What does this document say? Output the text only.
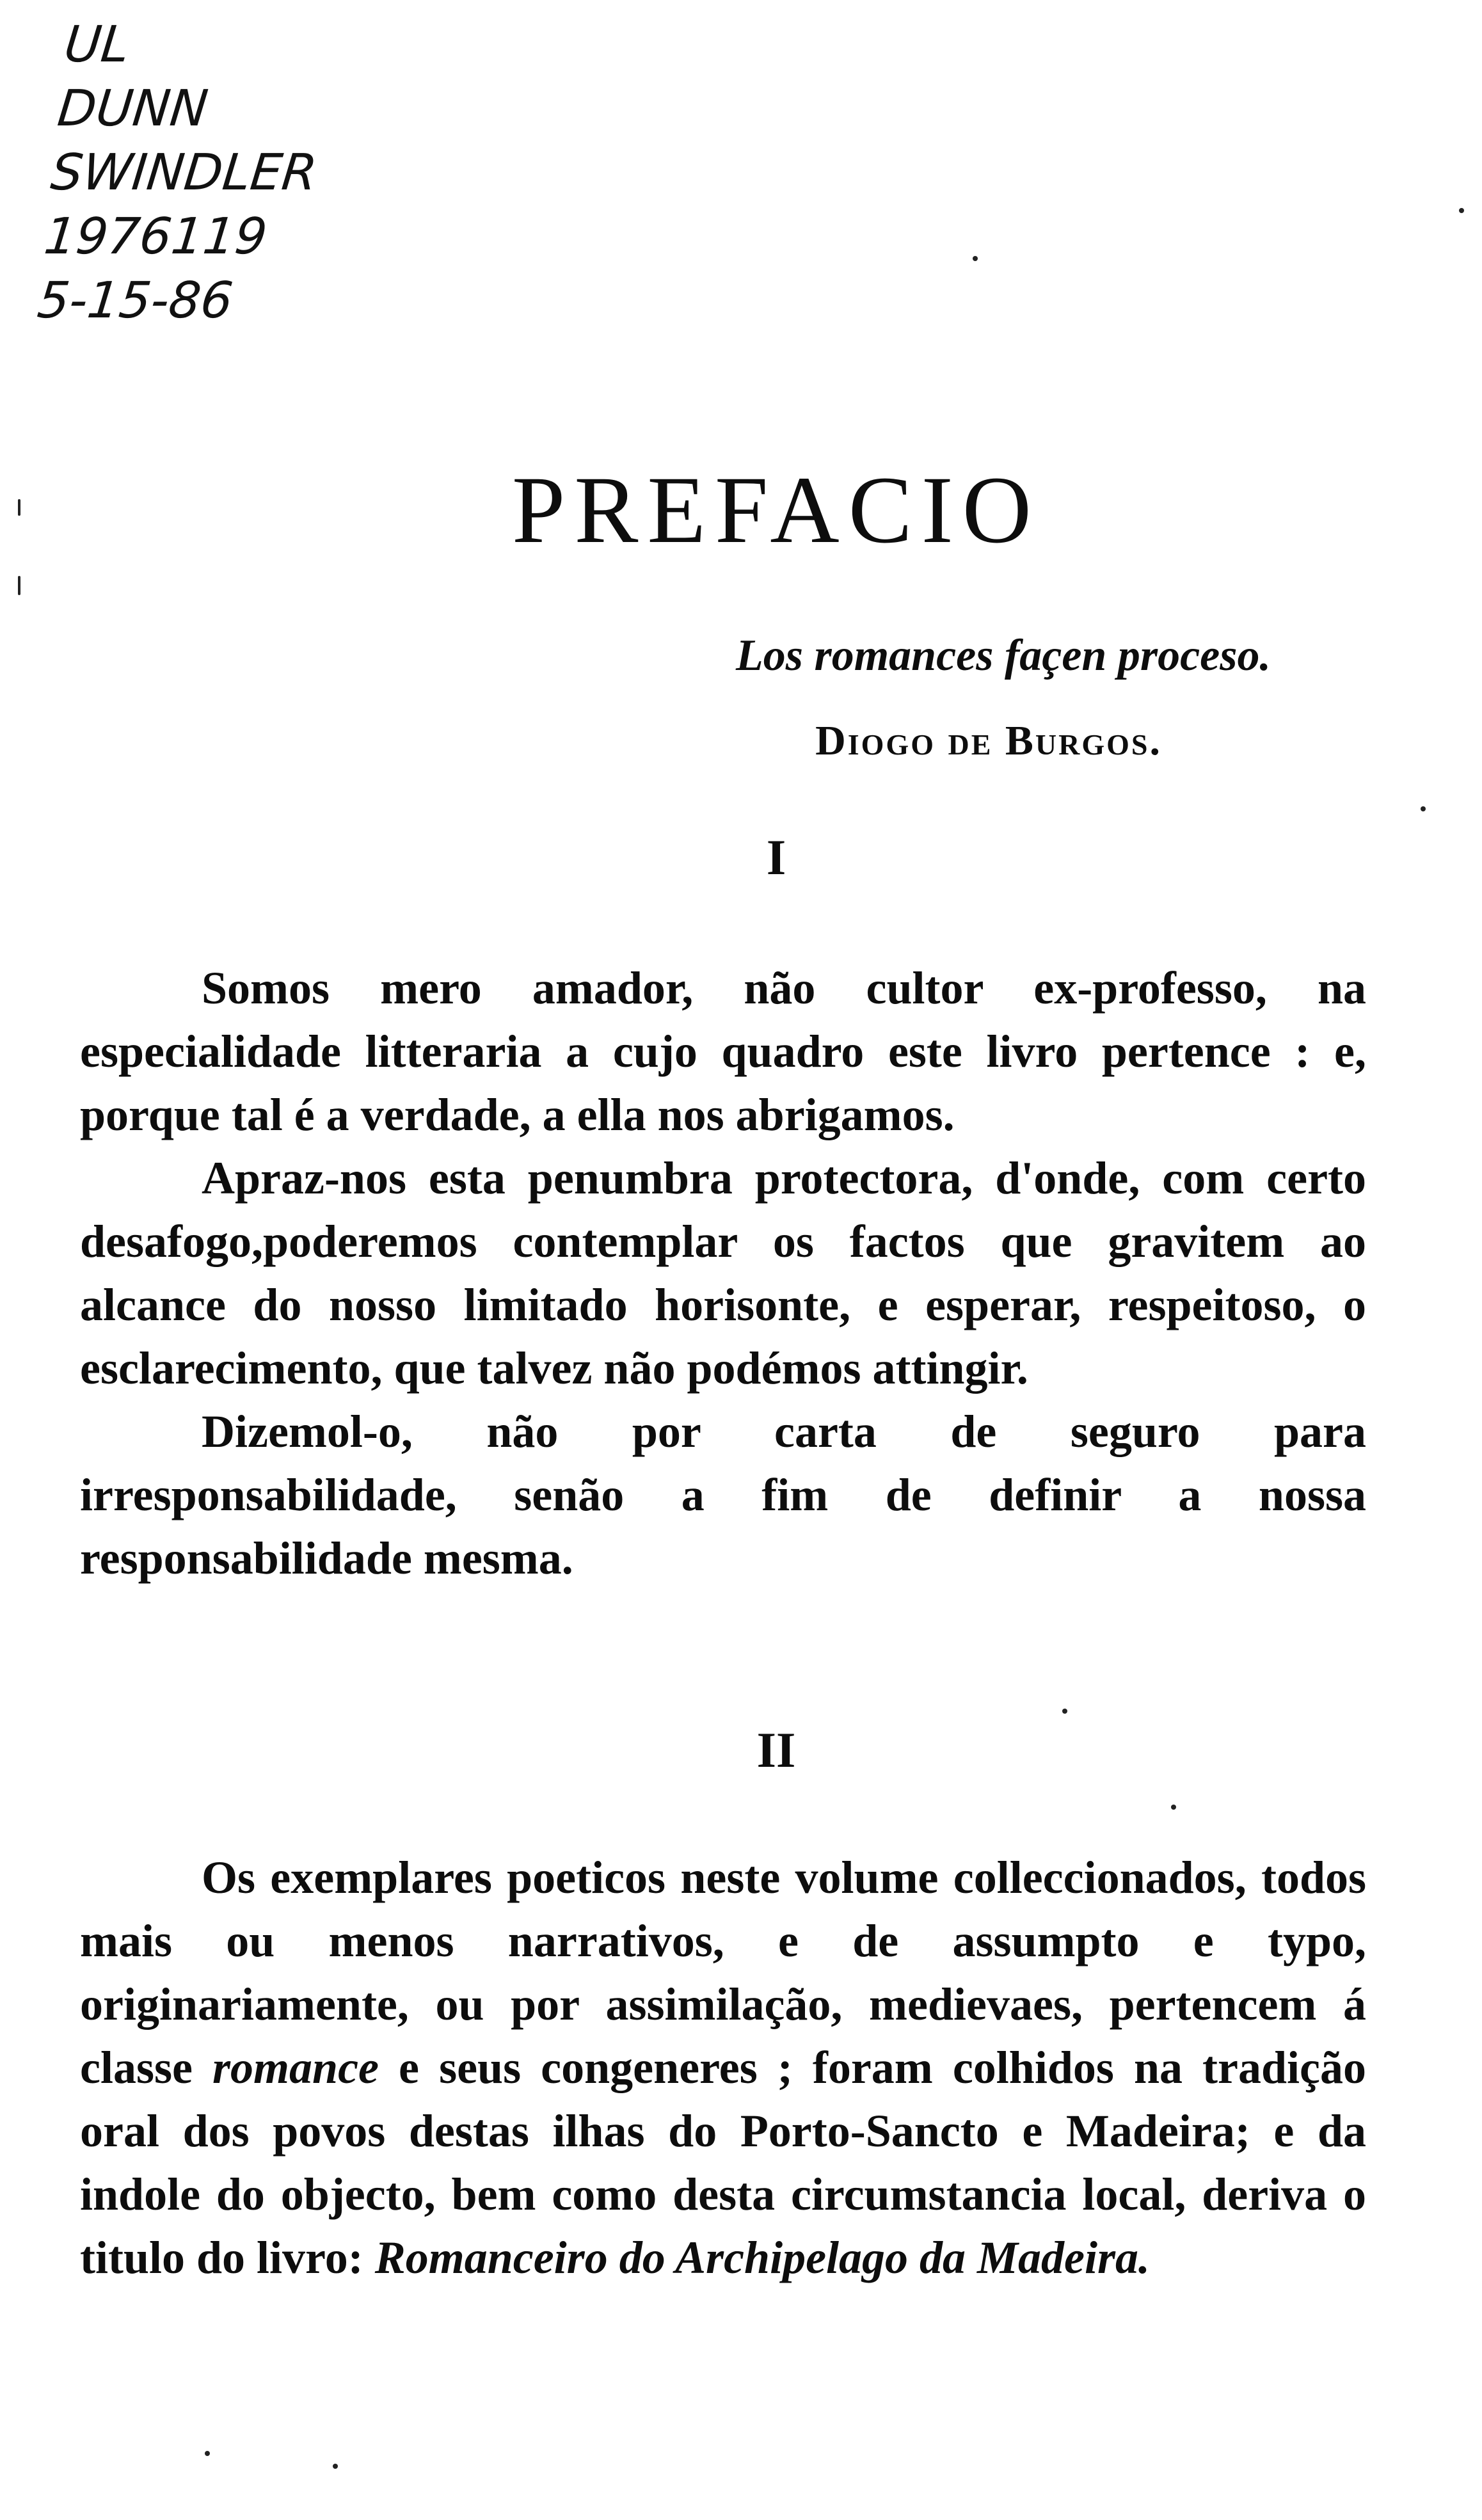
UL
DUNN
SWINDLER
1976119
5-15-86
PREFACIO
Los romances façen proceso.
Diogo de Burgos.
I

Somos mero amador, não cultor ex-professo, na especialidade litteraria a cujo quadro este livro pertence : e, porque tal é a verdade, a ella nos abrigamos.

Apraz-nos esta penumbra protectora, d'onde, com certo desafogo,poderemos contemplar os factos que gravitem ao alcance do nosso limitado horisonte, e esperar, respeitoso, o esclarecimento, que talvez não podémos attingir.

Dizemol-o, não por carta de seguro para irresponsabilidade, senão a fim de definir a nossa responsabilidade mesma.

II

Os exemplares poeticos neste volume colleccionados, todos mais ou menos narrativos, e de assumpto e typo, originariamente, ou por assimilação, medievaes, pertencem á classe romance e seus congeneres ; foram colhidos na tradição oral dos povos destas ilhas do Porto-Sancto e Madeira; e da indole do objecto, bem como desta circumstancia local, deriva o titulo do livro: Romanceiro do Archipelago da Madeira.
